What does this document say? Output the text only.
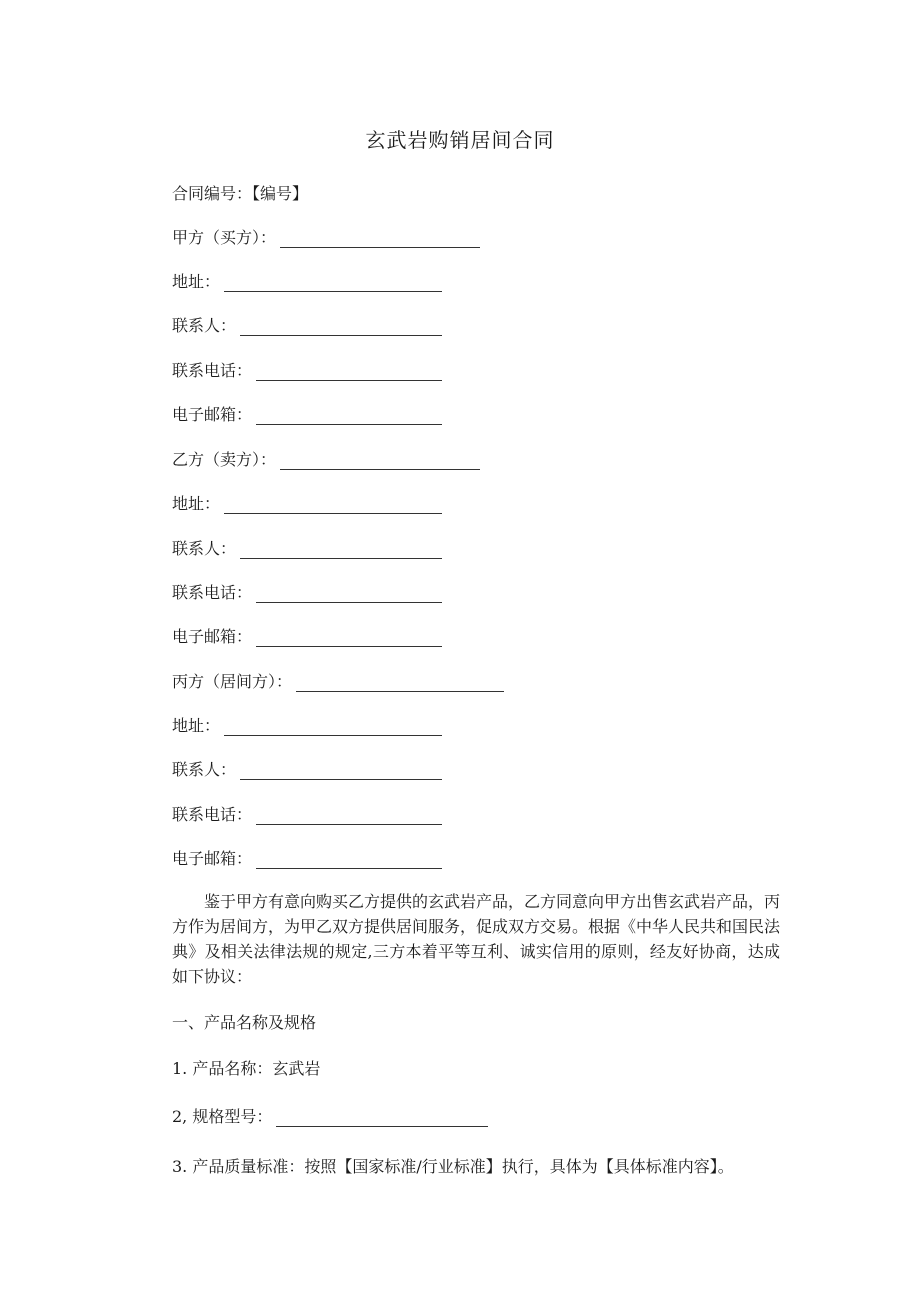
玄武岩购销居间合同
合同编号：【编号】
甲方（买方）：
地址：
联系人：
联系电话：
电子邮箱：
乙方（卖方）：
地址：
联系人：
联系电话：
电子邮箱：
丙方（居间方）：
地址：
联系人：
联系电话：
电子邮箱：
鉴于甲方有意向购买乙方提供的玄武岩产品，乙方同意向甲方出售玄武岩产品，丙方作为居间方，为甲乙双方提供居间服务，促成双方交易。根据《中华人民共和国民法典》及相关法律法规的规定,三方本着平等互利、诚实信用的原则，经友好协商，达成如下协议：
一、产品名称及规格
1. 产品名称：玄武岩
2, 规格型号：
3. 产品质量标准：按照【国家标准/行业标准】执行，具体为【具体标准内容】。
